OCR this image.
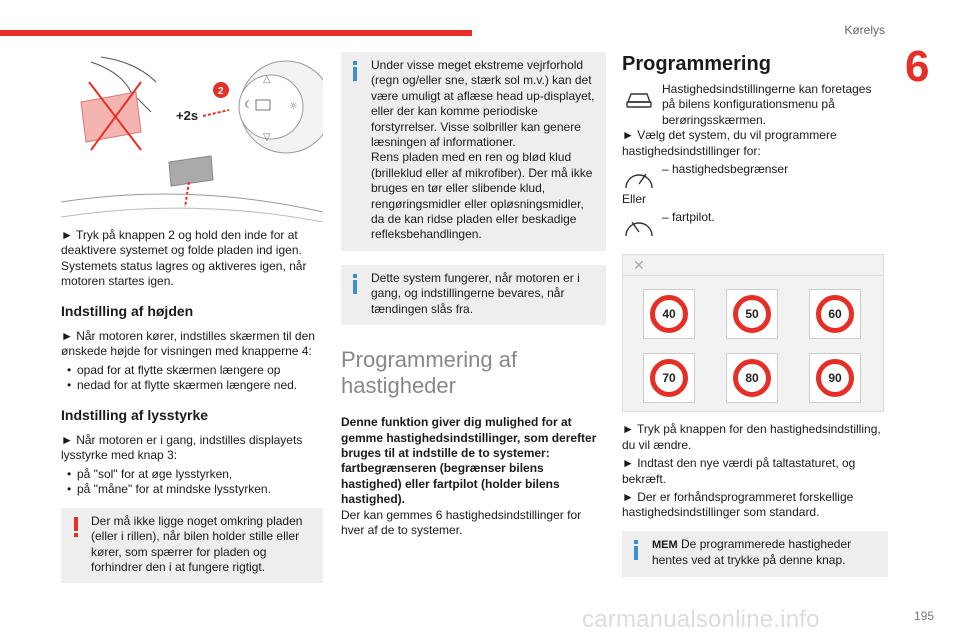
Kørelys
6
☾	☼
△
▽
2
+2s

► Tryk på knappen 2 og hold den inde for at deaktivere systemet og folde pladen ind igen. Systemets status lagres og aktiveres igen, når motoren startes igen.

Indstilling af højden

► Når motoren kører, indstilles skærmen til den ønskede højde for visningen med knapperne 4:

• opad for at flytte skærmen længere op
• nedad for at flytte skærmen længere ned.
Indstilling af lysstyrke

► Når motoren er i gang, indstilles displayets lysstyrke med knap 3:

• på "sol" for at øge lysstyrken,
• på "måne" for at mindske lysstyrken.
Der må ikke ligge noget omkring pladen (eller i rillen), når bilen holder stille eller kører, som spærrer for pladen og forhindrer den i at fungere rigtigt.
Under visse meget ekstreme vejrforhold (regn og/eller sne, stærk sol m.v.) kan det være umuligt at aflæse head up-displayet, eller der kan komme periodiske forstyrrelser. Visse solbriller kan genere læsningen af informationer.
Rens pladen med en ren og blød klud (brilleklud eller af mikrofiber). Der må ikke bruges en tør eller slibende klud, rengøringsmidler eller opløsningsmidler, da de kan ridse pladen eller beskadige refleksbehandlingen.
Dette system fungerer, når motoren er i gang, og indstillingerne bevares, når tændingen slås fra.
Programmering af hastigheder

Denne funktion giver dig mulighed for at gemme hastighedsindstillinger, som derefter bruges til at indstille de to systemer: fartbegrænseren (begrænser bilens hastighed) eller fartpilot (holder bilens hastighed).

Der kan gemmes 6 hastighedsindstillinger for hver af de to systemer.

Programmering
Hastighedsindstillingerne kan foretages på bilens konfigurationsmenu på berøringsskærmen.

► Vælg det system, du vil programmere hastighedsindstillinger for:

– hastighedsbegrænser

Eller

– fartpilot.
✕
40	50	60
70	80	90

► Tryk på knappen for den hastighedsindstilling, du vil ændre.

► Indtast den nye værdi på taltastaturet, og bekræft.

► Der er forhåndsprogrammeret forskellige hastighedsindstillinger som standard.

MEM De programmerede hastigheder hentes ved at trykke på denne knap.
carmanualsonline.info	195
